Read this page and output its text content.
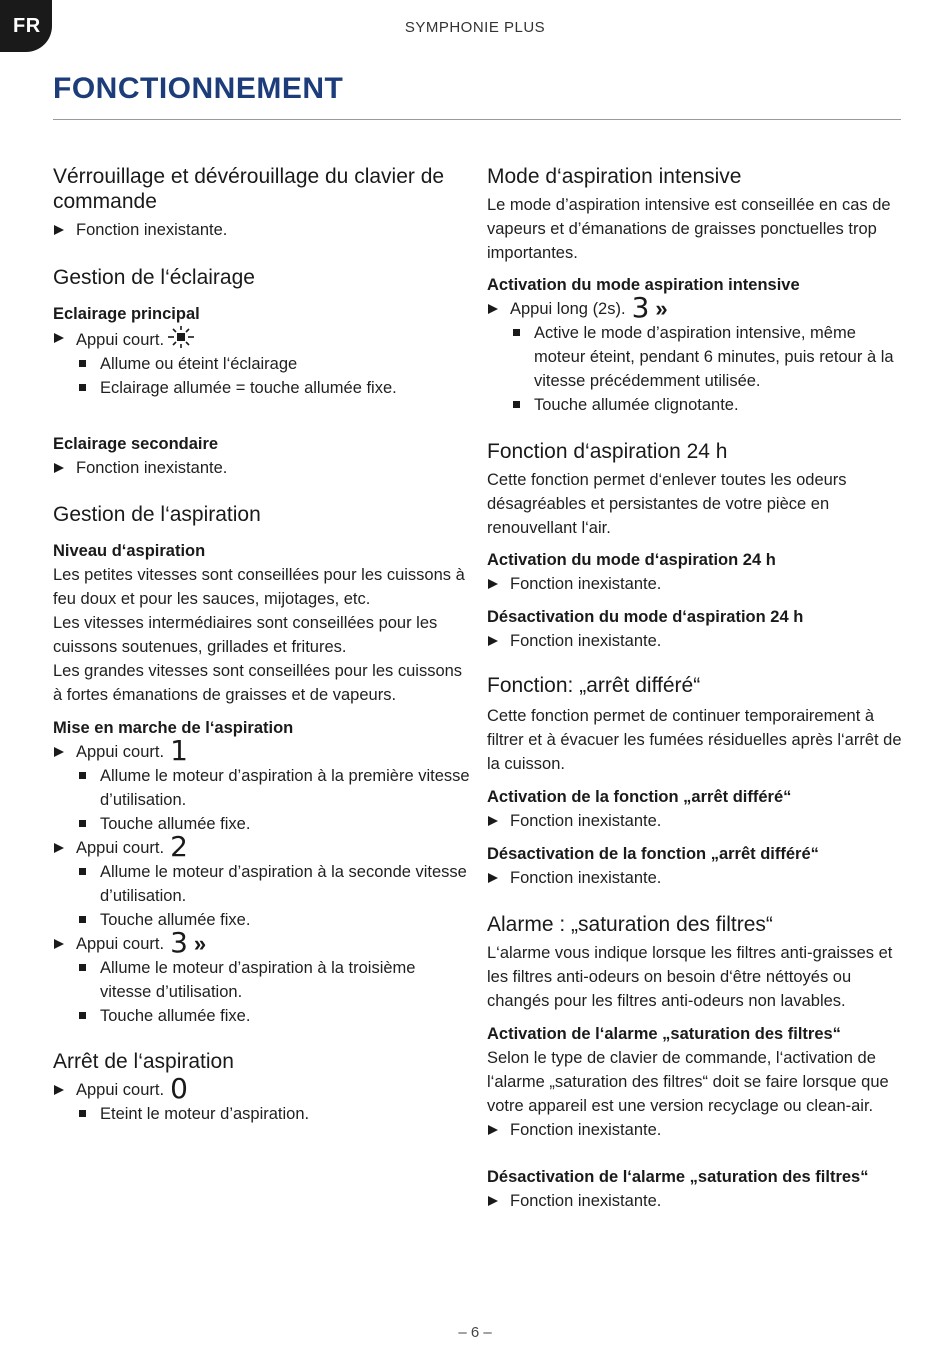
FR	SYMPHONIE PLUS
FONCTIONNEMENT
Vérrouillage et dévérouillage du clavier de commande

Fonction inexistante.

Gestion de l‘éclairage
Eclairage principal

Appui court.

Allume ou éteint l‘éclairage

Eclairage allumée = touche allumée fixe.

Eclairage secondaire

Fonction inexistante.

Gestion de l‘aspiration
Niveau d‘aspiration

Les petites vitesses sont conseillées pour les cuissons à feu doux et pour les sauces, mijotages, etc.

Les vitesses intermédiaires sont conseillées pour les cuissons soutenues, grillades et fritures.

Les grandes vitesses sont conseillées pour les cuissons à fortes émanations de graisses et de vapeurs.

Mise en marche de l‘aspiration

Appui court. 1

Allume le moteur d’aspiration à la première vitesse d’utilisation.

Touche allumée fixe.

Appui court. 2

Allume le moteur d’aspiration à la seconde vitesse d’utilisation.

Touche allumée fixe.

Appui court. 3 »

Allume le moteur d’aspiration à la troisième vitesse d’utilisation.

Touche allumée fixe.

Arrêt de l‘aspiration

Appui court. 0

Eteint le moteur d’aspiration.

Mode d‘aspiration intensive

Le mode d’aspiration intensive est conseillée en cas de vapeurs et d’émanations de graisses ponctuelles trop importantes.

Activation du mode aspiration intensive

Appui long (2s). 3 »

Active le mode d’aspiration intensive, même moteur éteint, pendant 6 minutes, puis retour à la vitesse précédemment utilisée.

Touche allumée clignotante.

Fonction d‘aspiration 24 h

Cette fonction permet d‘enlever toutes les odeurs désagréables et persistantes de votre pièce en renouvellant l‘air.

Activation du mode d‘aspiration 24 h

Fonction inexistante.

Désactivation du mode d‘aspiration 24 h

Fonction inexistante.

Fonction: „arrêt différé“

Cette fonction permet de continuer temporairement à filtrer et à évacuer les fumées résiduelles après l‘arrêt de la cuisson.

Activation de la fonction „arrêt différé“

Fonction inexistante.

Désactivation de la fonction „arrêt différé“

Fonction inexistante.

Alarme : „saturation des filtres“

L‘alarme vous indique lorsque les filtres anti-graisses et les filtres anti-odeurs on besoin d‘être néttoyés ou changés pour les filtres anti-odeurs non lavables.

Activation de l‘alarme „saturation des filtres“

Selon le type de clavier de commande, l‘activation de l‘alarme „saturation des filtres“ doit se faire lorsque que votre appareil est une version recyclage ou clean-air.

Fonction inexistante.

Désactivation de l‘alarme „saturation des filtres“

Fonction inexistante.

– 6 –
